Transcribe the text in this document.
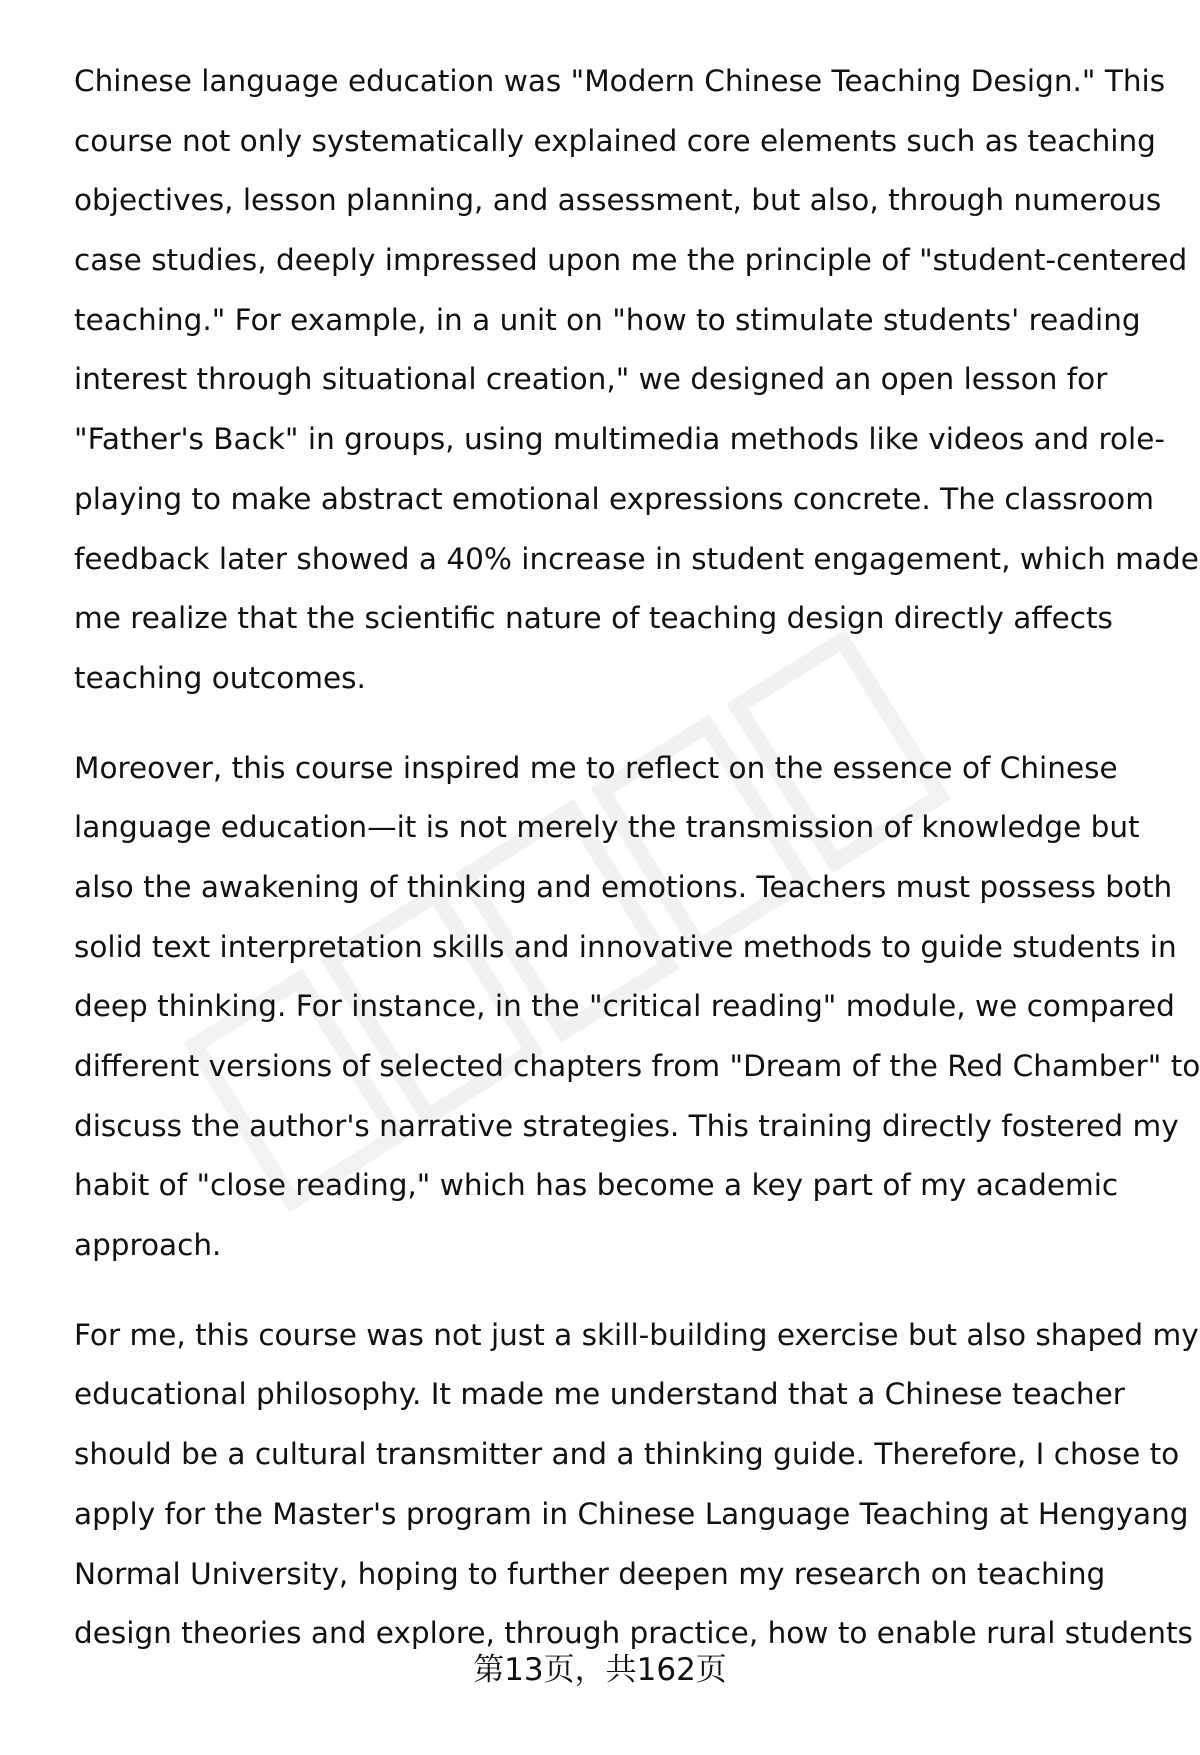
Chinese language education was "Modern Chinese Teaching Design." This
course not only systematically explained core elements such as teaching
objectives, lesson planning, and assessment, but also, through numerous
case studies, deeply impressed upon me the principle of "student-centered
teaching." For example, in a unit on "how to stimulate students' reading
interest through situational creation," we designed an open lesson for
"Father's Back" in groups, using multimedia methods like videos and role-
playing to make abstract emotional expressions concrete. The classroom
feedback later showed a 40% increase in student engagement, which made
me realize that the scientific nature of teaching design directly affects
teaching outcomes.

Moreover, this course inspired me to reflect on the essence of Chinese
language education—it is not merely the transmission of knowledge but
also the awakening of thinking and emotions. Teachers must possess both
solid text interpretation skills and innovative methods to guide students in
deep thinking. For instance, in the "critical reading" module, we compared
different versions of selected chapters from "Dream of the Red Chamber" to
discuss the author's narrative strategies. This training directly fostered my
habit of "close reading," which has become a key part of my academic
approach.

For me, this course was not just a skill-building exercise but also shaped my
educational philosophy. It made me understand that a Chinese teacher
should be a cultural transmitter and a thinking guide. Therefore, I chose to
apply for the Master's program in Chinese Language Teaching at Hengyang
Normal University, hoping to further deepen my research on teaching
design theories and explore, through practice, how to enable rural students

第13页，共162页
